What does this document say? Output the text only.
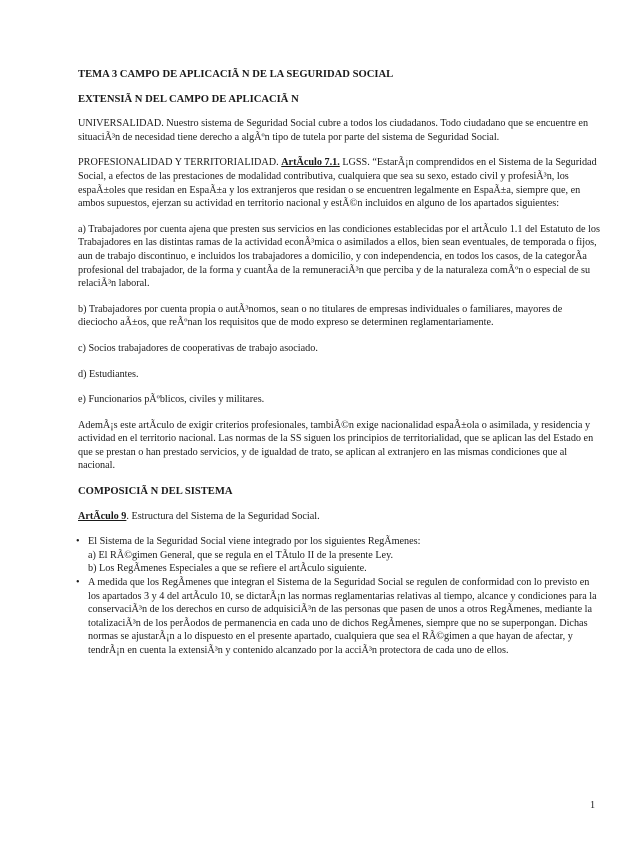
TEMA 3 CAMPO DE APLICACIÃ N DE LA SEGURIDAD SOCIAL
EXTENSIÃ N DEL CAMPO DE APLICACIÃ N

UNIVERSALIDAD. Nuestro sistema de Seguridad Social cubre a todos los ciudadanos. Todo ciudadano que se encuentre en situaciÃ³n de necesidad tiene derecho a algÃºn tipo de tutela por parte del sistema de Seguridad Social.

PROFESIONALIDAD Y TERRITORIALIDAD. ArtÃculo 7.1. LGSS. “EstarÃ¡n comprendidos en el Sistema de la Seguridad Social, a efectos de las prestaciones de modalidad contributiva, cualquiera que sea su sexo, estado civil y profesiÃ³n, los espaÃ±oles que residan en EspaÃ±a y los extranjeros que residan o se encuentren legalmente en EspaÃ±a, siempre que, en ambos supuestos, ejerzan su actividad en territorio nacional y estÃ©n incluidos en alguno de los apartados siguientes:

a) Trabajadores por cuenta ajena que presten sus servicios en las condiciones establecidas por el artÃculo 1.1 del Estatuto de los Trabajadores en las distintas ramas de la actividad econÃ³mica o asimilados a ellos, bien sean eventuales, de temporada o fijos, aun de trabajo discontinuo, e incluidos los trabajadores a domicilio, y con independencia, en todos los casos, de la categorÃa profesional del trabajador, de la forma y cuantÃa de la remuneraciÃ³n que perciba y de la naturaleza comÃºn o especial de su relaciÃ³n laboral.

b) Trabajadores por cuenta propia o autÃ³nomos, sean o no titulares de empresas individuales o familiares, mayores de dieciocho aÃ±os, que reÃºnan los requisitos que de modo expreso se determinen reglamentariamente.

c) Socios trabajadores de cooperativas de trabajo asociado.

d) Estudiantes.

e) Funcionarios pÃºblicos, civiles y militares.

AdemÃ¡s este artÃculo de exigir criterios profesionales, tambiÃ©n exige nacionalidad espaÃ±ola o asimilada, y residencia y actividad en el territorio nacional. Las normas de la SS siguen los principios de territorialidad, que se aplican las del Estado en que se prestan o han prestado servicios, y de igualdad de trato, se aplican al extranjero en las mismas condiciones que al nacional.

COMPOSICIÃ N DEL SISTEMA

ArtÃculo 9. Estructura del Sistema de la Seguridad Social.

• El Sistema de la Seguridad Social viene integrado por los siguientes RegÃmenes:
a) El RÃ©gimen General, que se regula en el TÃtulo II de la presente Ley.
b) Los RegÃmenes Especiales a que se refiere el artÃculo siguiente.
• A medida que los RegÃmenes que integran el Sistema de la Seguridad Social se regulen de conformidad con lo previsto en los apartados 3 y 4 del artÃculo 10, se dictarÃ¡n las normas reglamentarias relativas al tiempo, alcance y condiciones para la conservaciÃ³n de los derechos en curso de adquisiciÃ³n de las personas que pasen de unos a otros RegÃmenes, mediante la totalizaciÃ³n de los perÃodos de permanencia en cada uno de dichos RegÃmenes, siempre que no se superpongan. Dichas normas se ajustarÃ¡n a lo dispuesto en el presente apartado, cualquiera que sea el RÃ©gimen a que hayan de afectar, y tendrÃ¡n en cuenta la extensiÃ³n y contenido alcanzado por la acciÃ³n protectora de cada uno de ellos.
1
